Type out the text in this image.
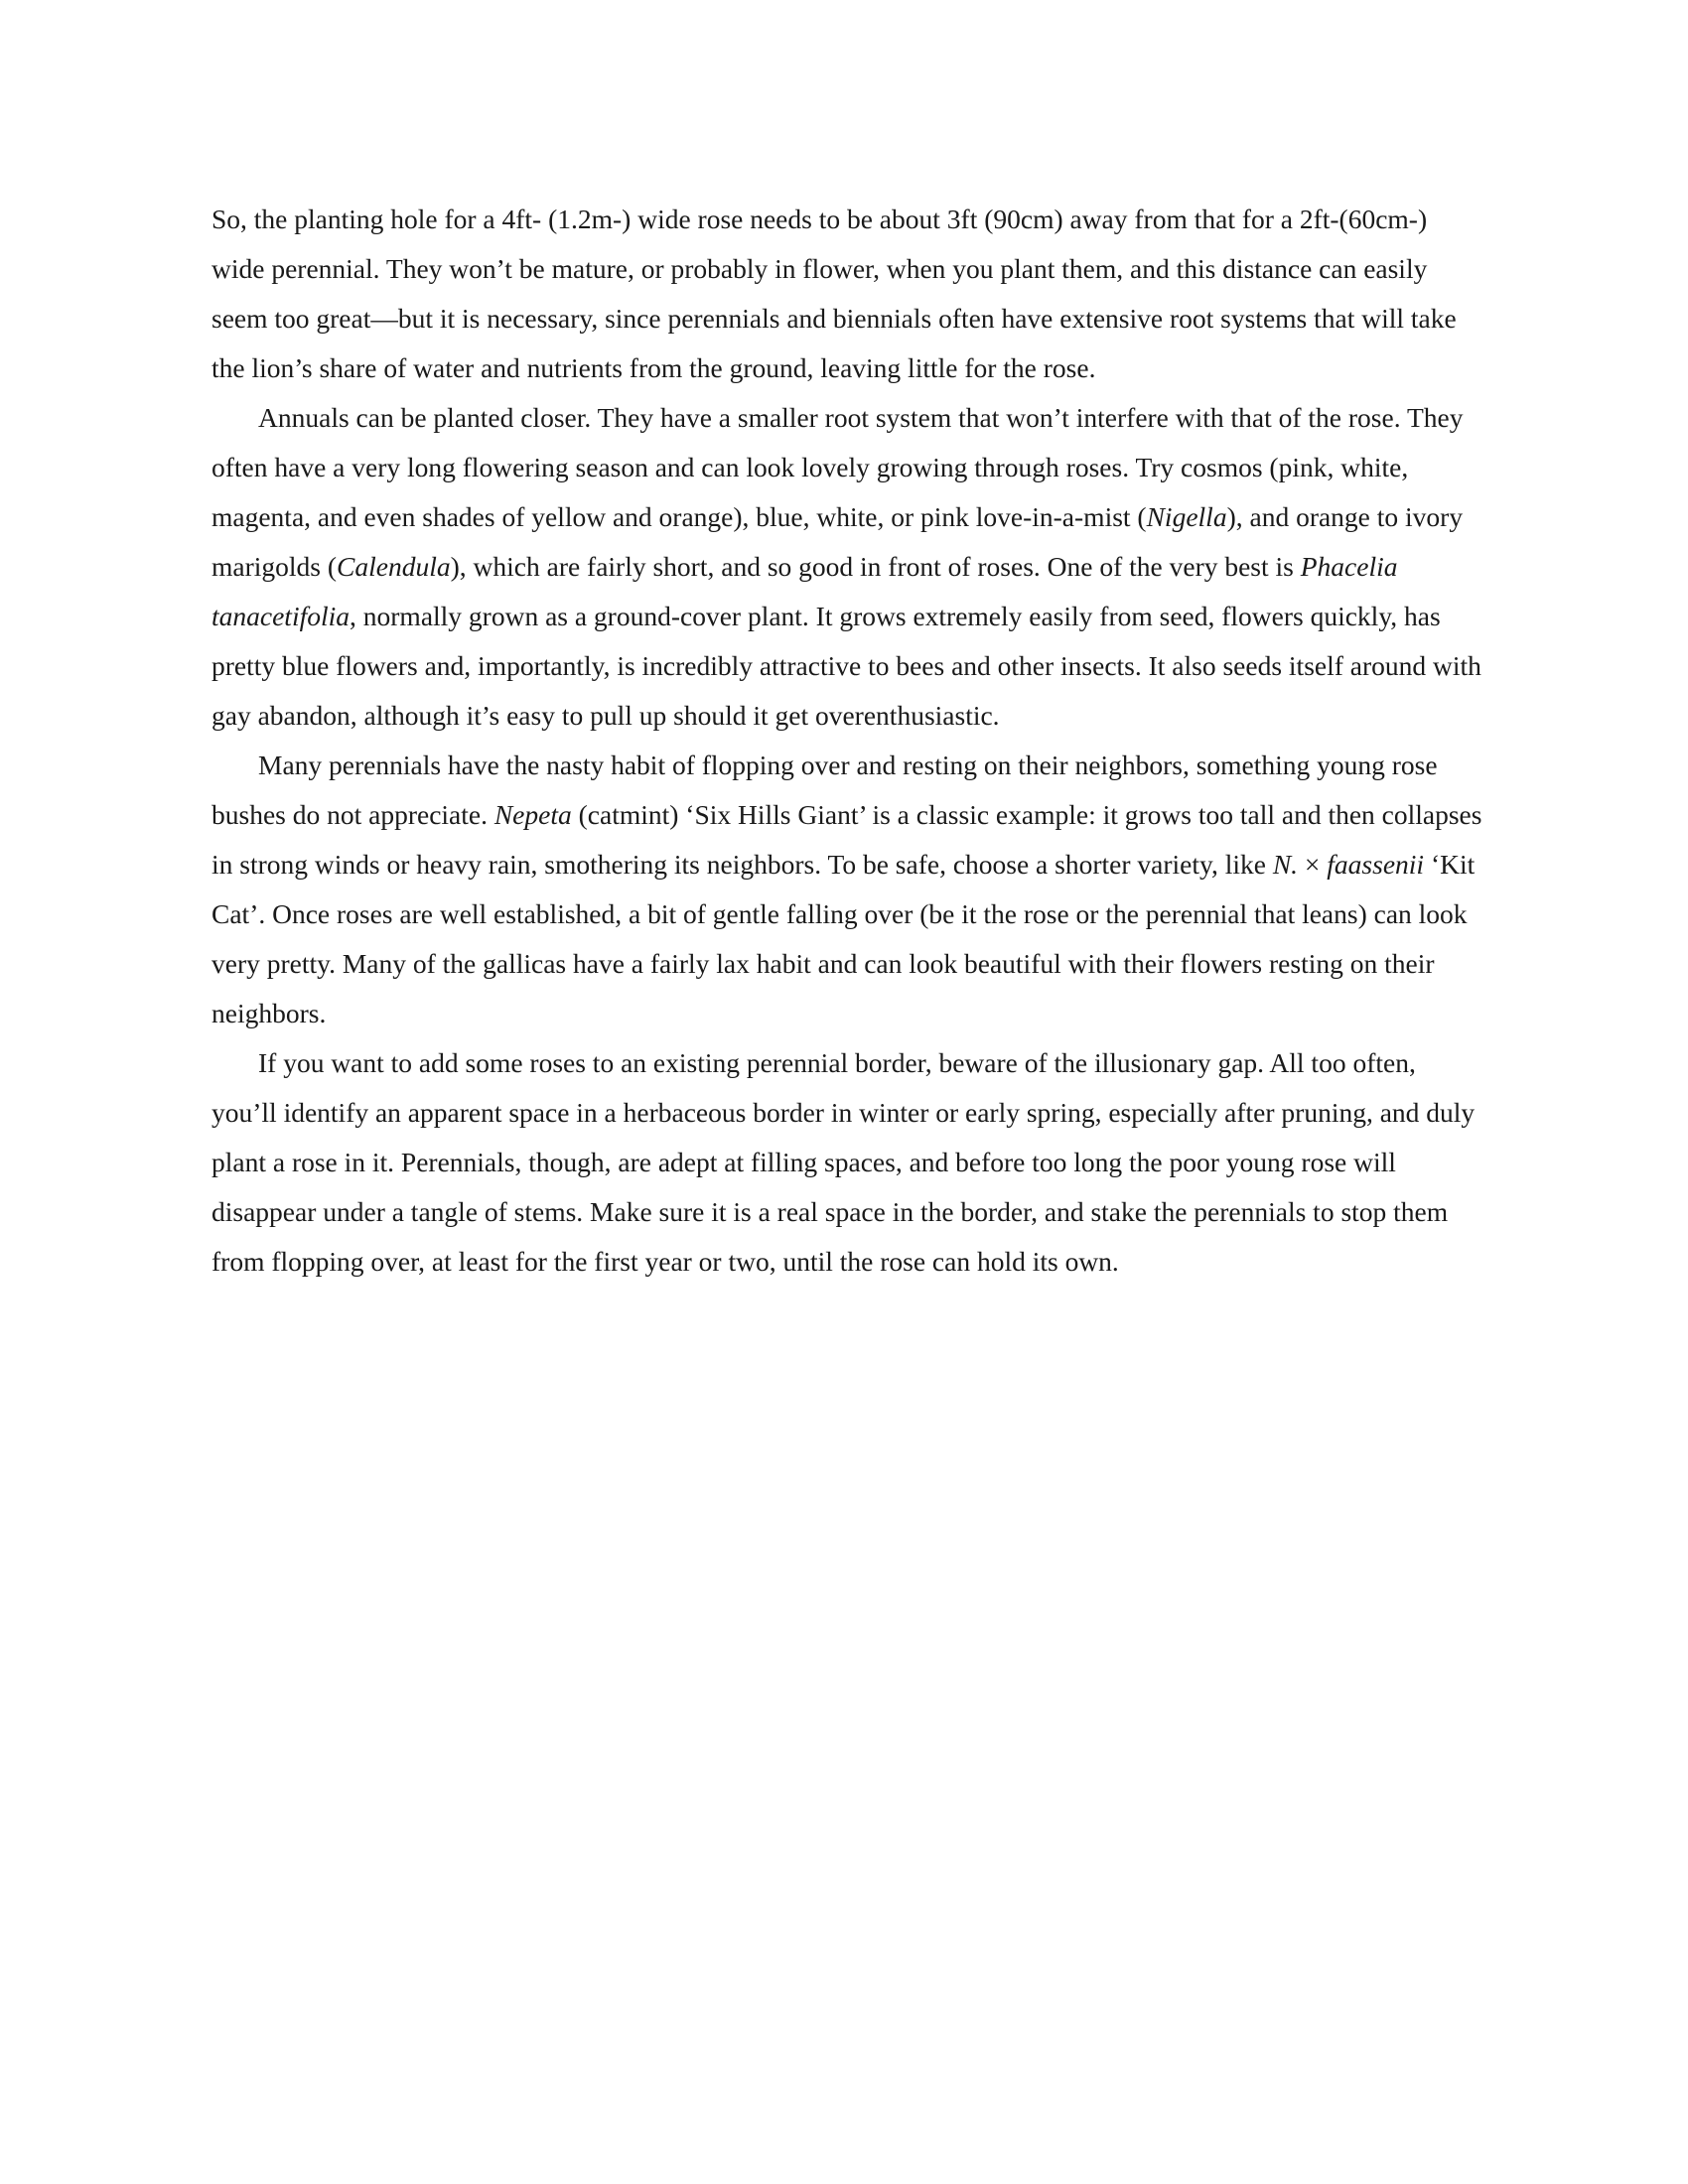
So, the planting hole for a 4ft- (1.2m-) wide rose needs to be about 3ft (90cm) away from that for a 2ft-(60cm-) wide perennial. They won’t be mature, or probably in flower, when you plant them, and this distance can easily seem too great—but it is necessary, since perennials and biennials often have extensive root systems that will take the lion’s share of water and nutrients from the ground, leaving little for the rose.

Annuals can be planted closer. They have a smaller root system that won’t interfere with that of the rose. They often have a very long flowering season and can look lovely growing through roses. Try cosmos (pink, white, magenta, and even shades of yellow and orange), blue, white, or pink love-in-a-mist (Nigella), and orange to ivory marigolds (Calendula), which are fairly short, and so good in front of roses. One of the very best is Phacelia tanacetifolia, normally grown as a ground-cover plant. It grows extremely easily from seed, flowers quickly, has pretty blue flowers and, importantly, is incredibly attractive to bees and other insects. It also seeds itself around with gay abandon, although it’s easy to pull up should it get overenthusiastic.

Many perennials have the nasty habit of flopping over and resting on their neighbors, something young rose bushes do not appreciate. Nepeta (catmint) ‘Six Hills Giant’ is a classic example: it grows too tall and then collapses in strong winds or heavy rain, smothering its neighbors. To be safe, choose a shorter variety, like N. × faassenii ‘Kit Cat’. Once roses are well established, a bit of gentle falling over (be it the rose or the perennial that leans) can look very pretty. Many of the gallicas have a fairly lax habit and can look beautiful with their flowers resting on their neighbors.

If you want to add some roses to an existing perennial border, beware of the illusionary gap. All too often, you’ll identify an apparent space in a herbaceous border in winter or early spring, especially after pruning, and duly plant a rose in it. Perennials, though, are adept at filling spaces, and before too long the poor young rose will disappear under a tangle of stems. Make sure it is a real space in the border, and stake the perennials to stop them from flopping over, at least for the first year or two, until the rose can hold its own.
